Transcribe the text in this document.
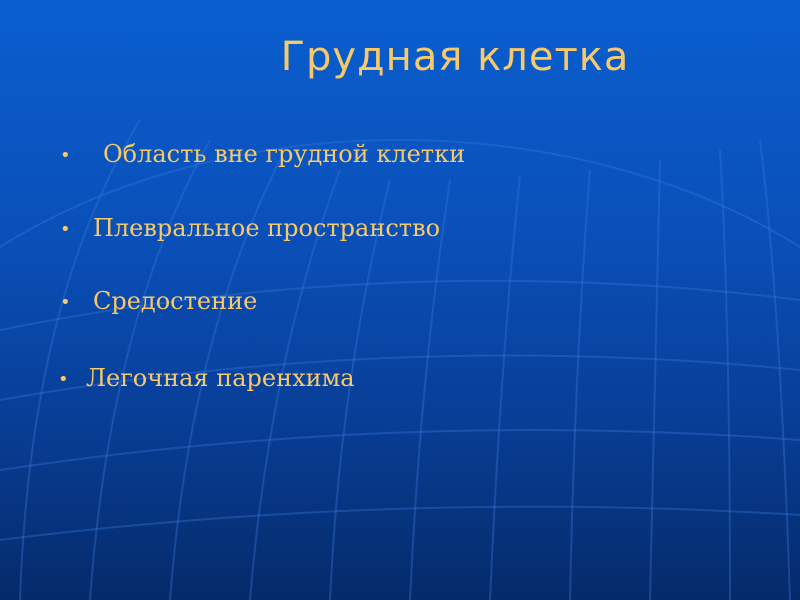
Грудная клетка
• Область вне грудной клетки
• Плевральное пространство
• Средостение
• Легочная паренхима
